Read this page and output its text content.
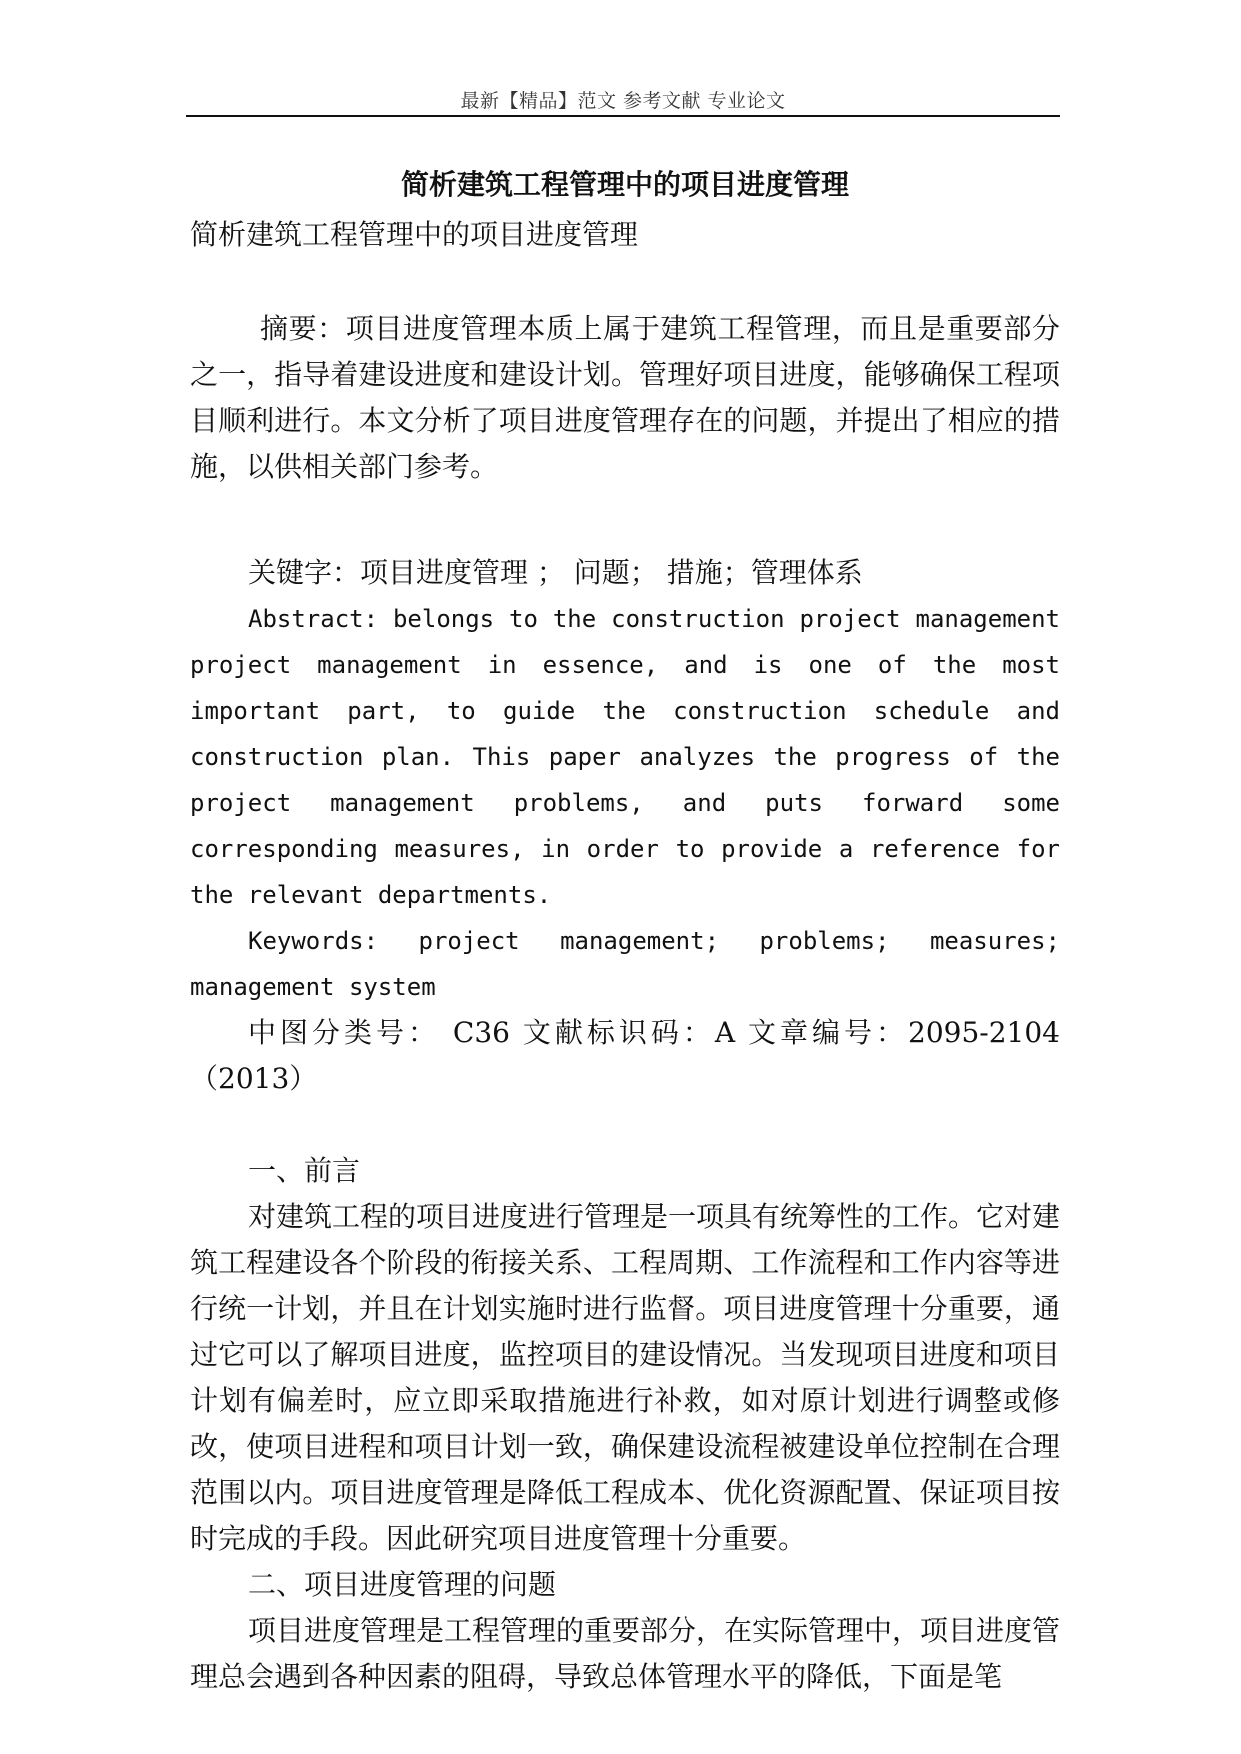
最新【精品】范文 参考文献 专业论文
简析建筑工程管理中的项目进度管理

简析建筑工程管理中的项目进度管理

摘要：项目进度管理本质上属于建筑工程管理，而且是重要部分之一，指导着建设进度和建设计划。管理好项目进度，能够确保工程项目顺利进行。本文分析了项目进度管理存在的问题，并提出了相应的措施，以供相关部门参考。

关键字：项目进度管理 ； 问题； 措施；管理体系

Abstract: belongs to the construction project management project management in essence, and is one of the most important part, to guide the construction schedule and construction plan. This paper analyzes the progress of the project management problems, and puts forward some corresponding measures, in order to provide a reference for the relevant departments.

Keywords: project management; problems; measures; management system

中图分类号： C36 文献标识码：A 文章编号：2095-2104（2013）

一、前言

对建筑工程的项目进度进行管理是一项具有统筹性的工作。它对建筑工程建设各个阶段的衔接关系、工程周期、工作流程和工作内容等进行统一计划，并且在计划实施时进行监督。项目进度管理十分重要，通过它可以了解项目进度，监控项目的建设情况。当发现项目进度和项目计划有偏差时，应立即采取措施进行补救，如对原计划进行调整或修改，使项目进程和项目计划一致，确保建设流程被建设单位控制在合理范围以内。项目进度管理是降低工程成本、优化资源配置、保证项目按时完成的手段。因此研究项目进度管理十分重要。

二、项目进度管理的问题

项目进度管理是工程管理的重要部分，在实际管理中，项目进度管理总会遇到各种因素的阻碍，导致总体管理水平的降低，下面是笔
